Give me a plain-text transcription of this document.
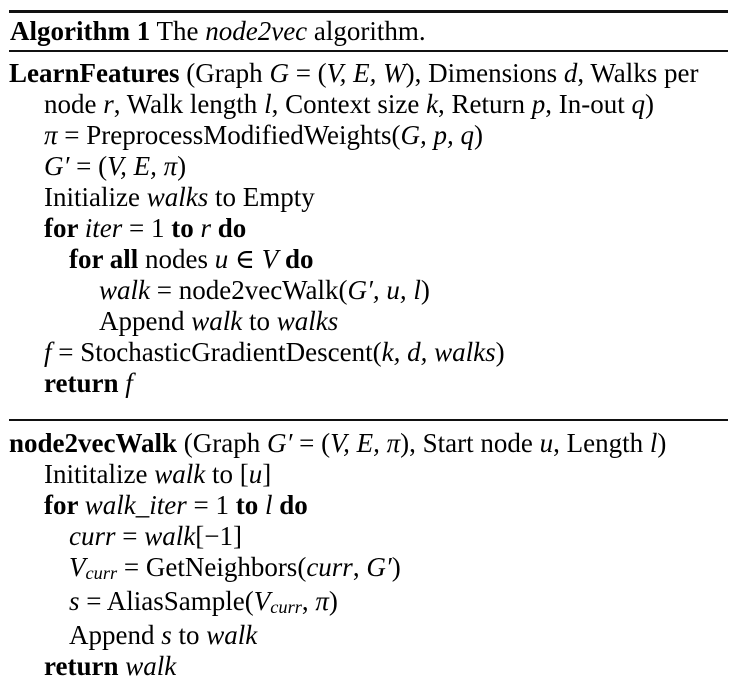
Algorithm 1 The node2vec algorithm.
LearnFeatures (Graph G = (V, E, W), Dimensions d, Walks per
node r, Walk length l, Context size k, Return p, In-out q)
π = PreprocessModifiedWeights(G, p, q)
G′ = (V, E, π)
Initialize walks to Empty
for iter = 1 to r do
for all nodes u ∈ V do
walk = node2vecWalk(G′, u, l)
Append walk to walks
f = StochasticGradientDescent(k, d, walks)
return f
node2vecWalk (Graph G′ = (V, E, π), Start node u, Length l)
Inititalize walk to [u]
for walk_iter = 1 to l do
curr = walk[−1]
Vcurr = GetNeighbors(curr, G′)
s = AliasSample(Vcurr, π)
Append s to walk
return walk
